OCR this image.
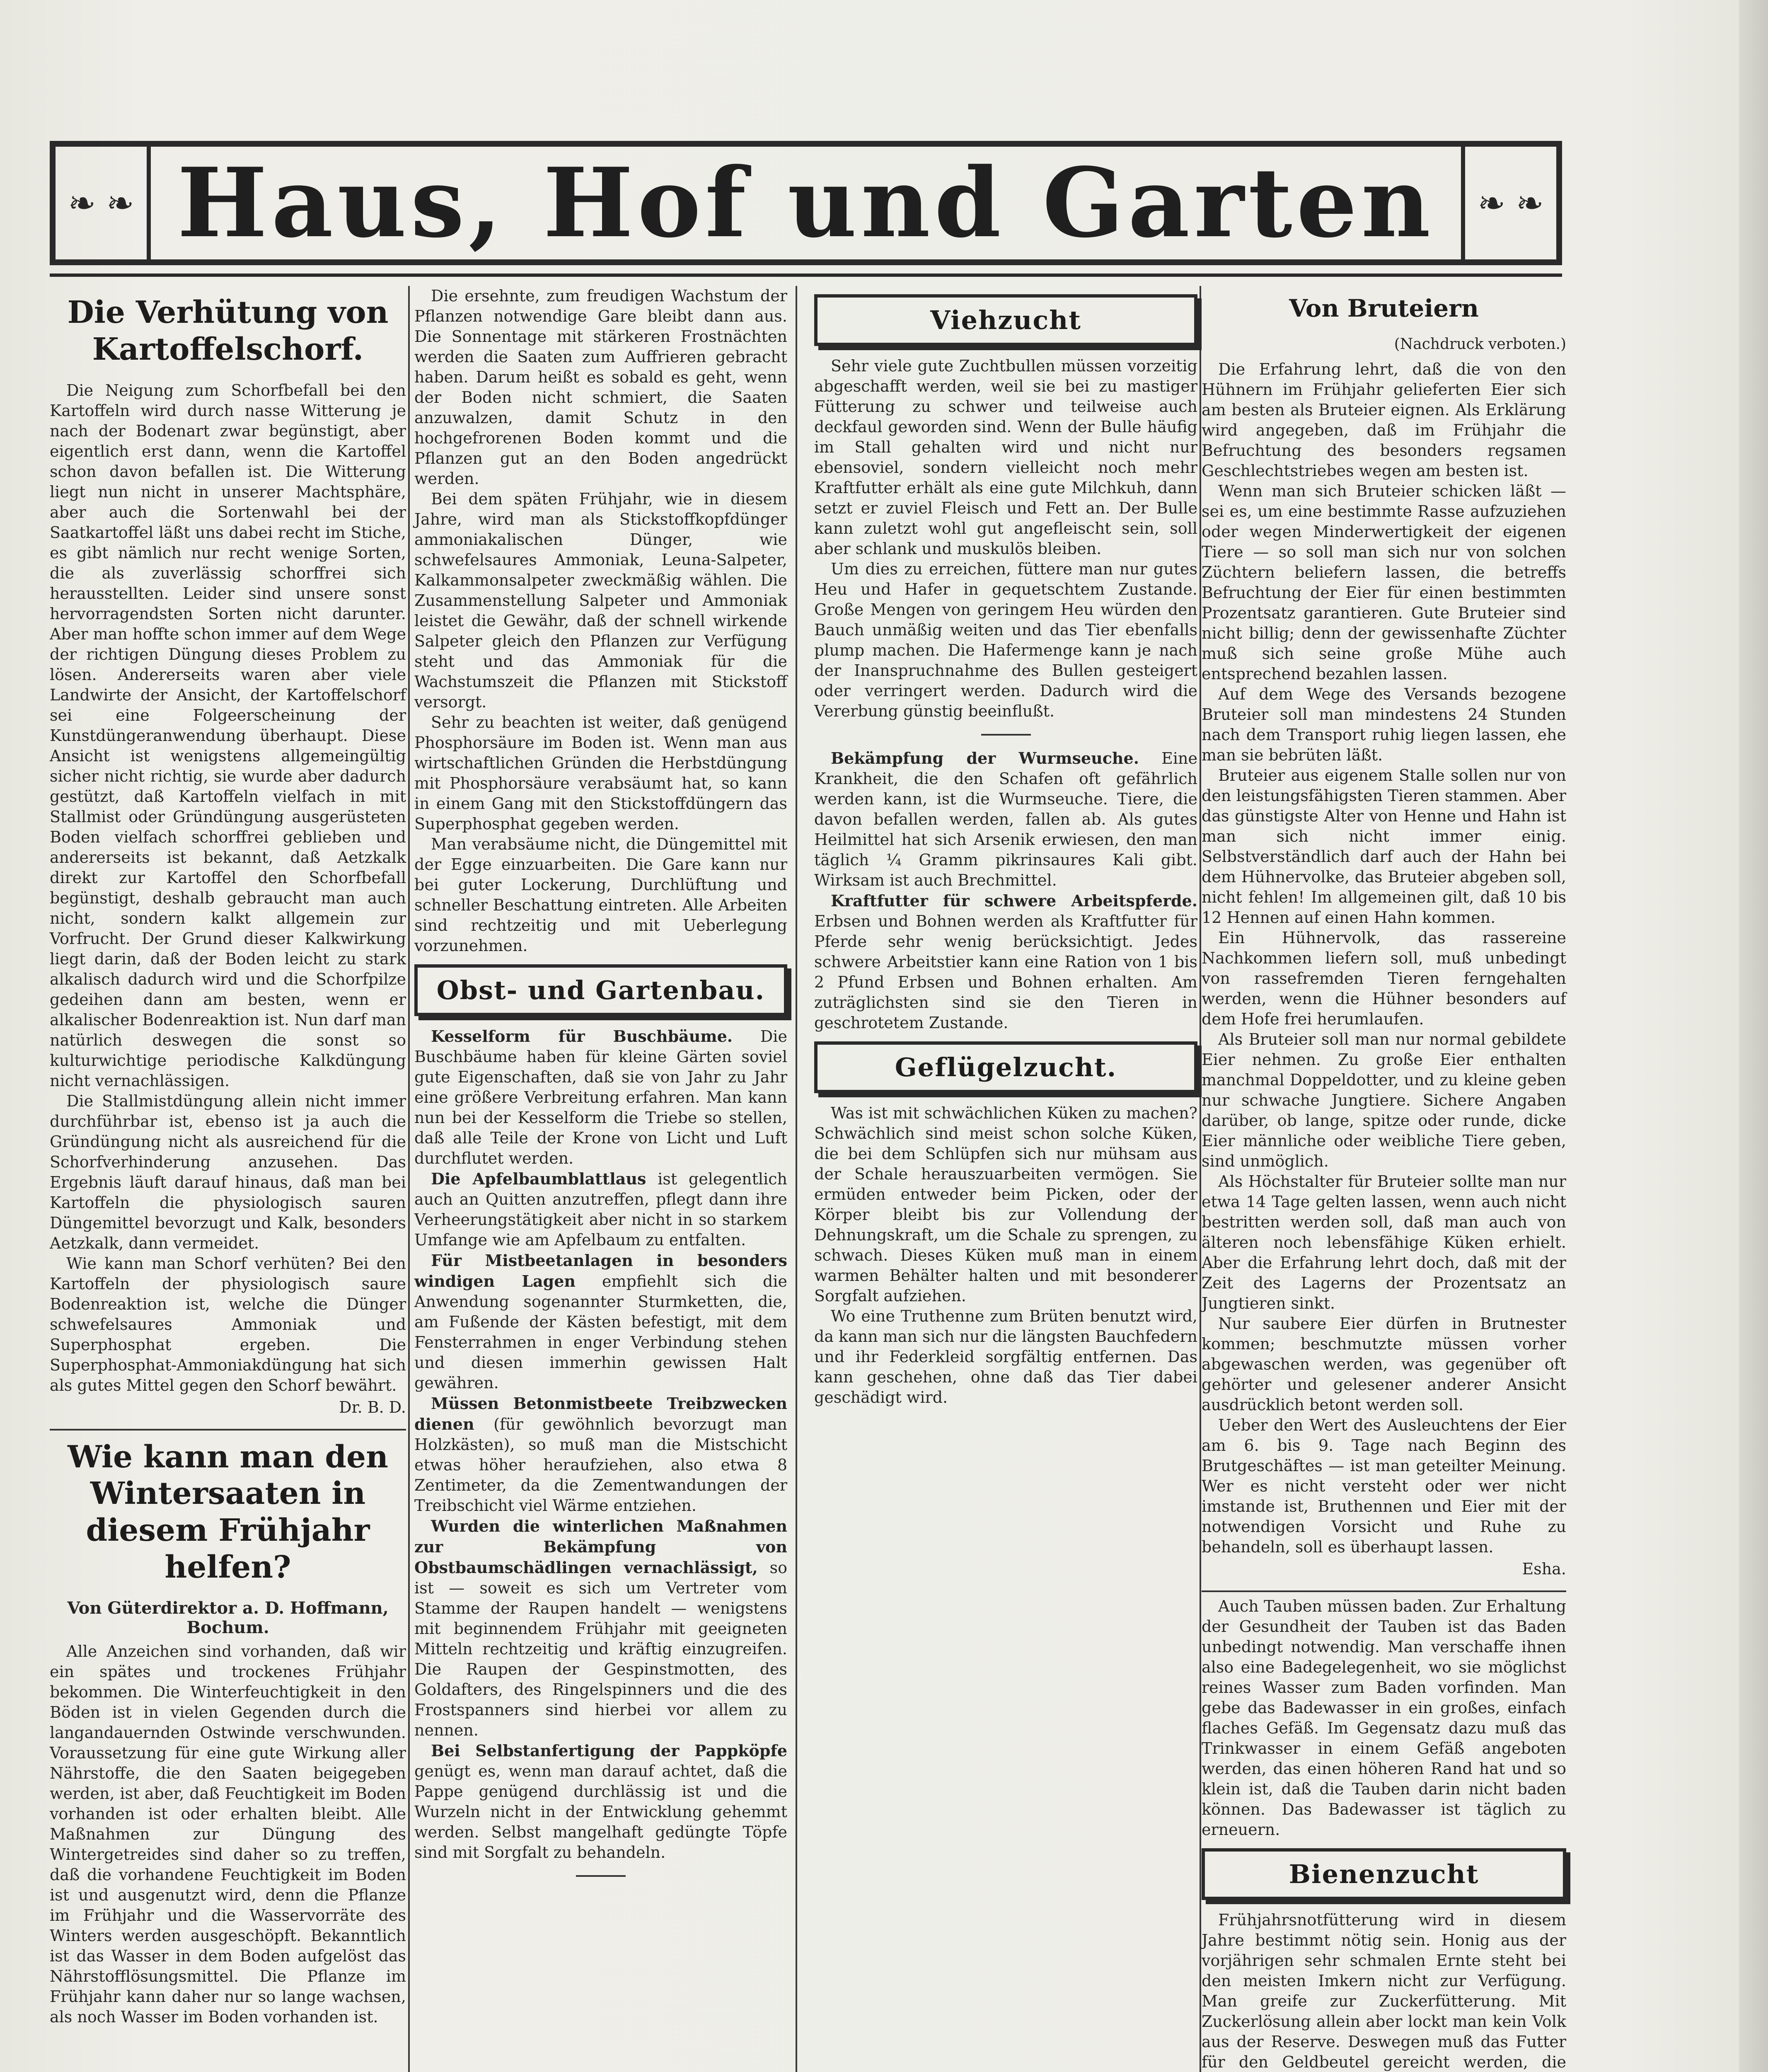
❧ ❧ Haus, Hof und Garten	❧ ❧
Die Verhütung von Kartoffelschorf.

Die Neigung zum Schorfbefall bei den Kartoffeln wird durch nasse Witterung je nach der Bodenart zwar begünstigt, aber eigentlich erst dann, wenn die Kartoffel schon davon befallen ist. Die Witterung liegt nun nicht in unserer Machtsphäre, aber auch die Sortenwahl bei der Saatkartoffel läßt uns dabei recht im Stiche, es gibt nämlich nur recht wenige Sorten, die als zuverlässig schorffrei sich herausstellten. Leider sind unsere sonst hervorragendsten Sorten nicht darunter. Aber man hoffte schon immer auf dem Wege der richtigen Düngung dieses Problem zu lösen. Andererseits waren aber viele Landwirte der Ansicht, der Kartoffelschorf sei eine Folgeerscheinung der Kunstdüngeranwendung überhaupt. Diese Ansicht ist wenigstens allgemeingültig sicher nicht richtig, sie wurde aber dadurch gestützt, daß Kartoffeln vielfach in mit Stallmist oder Gründüngung ausgerüsteten Boden vielfach schorffrei geblieben und andererseits ist bekannt, daß Aetzkalk direkt zur Kartoffel den Schorfbefall begünstigt, deshalb gebraucht man auch nicht, sondern kalkt allgemein zur Vorfrucht. Der Grund dieser Kalkwirkung liegt darin, daß der Boden leicht zu stark alkalisch dadurch wird und die Schorfpilze gedeihen dann am besten, wenn er alkalischer Bodenreaktion ist. Nun darf man natürlich deswegen die sonst so kulturwichtige periodische Kalkdüngung nicht vernachlässigen.

Die Stallmistdüngung allein nicht immer durchführbar ist, ebenso ist ja auch die Gründüngung nicht als ausreichend für die Schorfverhinderung anzusehen. Das Ergebnis läuft darauf hinaus, daß man bei Kartoffeln die physiologisch sauren Düngemittel bevorzugt und Kalk, besonders Aetzkalk, dann vermeidet.

Wie kann man Schorf verhüten? Bei den Kartoffeln der physiologisch saure Bodenreaktion ist, welche die Dünger schwefelsaures Ammoniak und Superphosphat ergeben. Die Superphosphat-Ammoniakdüngung hat sich als gutes Mittel gegen den Schorf bewährt.

Dr. B. D.
Wie kann man den Wintersaaten in diesem Frühjahr helfen?
Von Güterdirektor a. D. Hoffmann, Bochum.

Alle Anzeichen sind vorhanden, daß wir ein spätes und trockenes Frühjahr bekommen. Die Winterfeuchtigkeit in den Böden ist in vielen Gegenden durch die langandauernden Ostwinde verschwunden. Voraussetzung für eine gute Wirkung aller Nährstoffe, die den Saaten beigegeben werden, ist aber, daß Feuchtigkeit im Boden vorhanden ist oder erhalten bleibt. Alle Maßnahmen zur Düngung des Wintergetreides sind daher so zu treffen, daß die vorhandene Feuchtigkeit im Boden ist und ausgenutzt wird, denn die Pflanze im Frühjahr und die Wasservorräte des Winters werden ausgeschöpft. Bekanntlich ist das Wasser in dem Boden aufgelöst das Nährstofflösungsmittel. Die Pflanze im Frühjahr kann daher nur so lange wachsen, als noch Wasser im Boden vorhanden ist.

Die ersehnte, zum freudigen Wachstum der Pflanzen notwendige Gare bleibt dann aus. Die Sonnentage mit stärkeren Frostnächten werden die Saaten zum Auffrieren gebracht haben. Darum heißt es sobald es geht, wenn der Boden nicht schmiert, die Saaten anzuwalzen, damit Schutz in den hochgefrorenen Boden kommt und die Pflanzen gut an den Boden angedrückt werden.

Bei dem späten Frühjahr, wie in diesem Jahre, wird man als Stickstoffkopfdünger ammoniakalischen Dünger, wie schwefelsaures Ammoniak, Leuna-Salpeter, Kalkammonsalpeter zweckmäßig wählen. Die Zusammenstellung Salpeter und Ammoniak leistet die Gewähr, daß der schnell wirkende Salpeter gleich den Pflanzen zur Verfügung steht und das Ammoniak für die Wachstumszeit die Pflanzen mit Stickstoff versorgt.

Sehr zu beachten ist weiter, daß genügend Phosphorsäure im Boden ist. Wenn man aus wirtschaftlichen Gründen die Herbstdüngung mit Phosphorsäure verabsäumt hat, so kann in einem Gang mit den Stickstoffdüngern das Superphosphat gegeben werden.

Man verabsäume nicht, die Düngemittel mit der Egge einzuarbeiten. Die Gare kann nur bei guter Lockerung, Durchlüftung und schneller Beschattung eintreten. Alle Arbeiten sind rechtzeitig und mit Ueberlegung vorzunehmen.

Obst- und Gartenbau.

Kesselform für Buschbäume. Die Buschbäume haben für kleine Gärten soviel gute Eigenschaften, daß sie von Jahr zu Jahr eine größere Verbreitung erfahren. Man kann nun bei der Kesselform die Triebe so stellen, daß alle Teile der Krone von Licht und Luft durchflutet werden.

Die Apfelbaumblattlaus ist gelegentlich auch an Quitten anzutreffen, pflegt dann ihre Verheerungstätigkeit aber nicht in so starkem Umfange wie am Apfelbaum zu entfalten.

Für Mistbeetanlagen in besonders windigen Lagen empfiehlt sich die Anwendung sogenannter Sturmketten, die, am Fußende der Kästen befestigt, mit dem Fensterrahmen in enger Verbindung stehen und diesen immerhin gewissen Halt gewähren.

Müssen Betonmistbeete Treibzwecken dienen (für gewöhnlich bevorzugt man Holzkästen), so muß man die Mistschicht etwas höher heraufziehen, also etwa 8 Zentimeter, da die Zementwandungen der Treibschicht viel Wärme entziehen.

Wurden die winterlichen Maßnahmen zur Bekämpfung von Obstbaumschädlingen vernachlässigt, so ist — soweit es sich um Vertreter vom Stamme der Raupen handelt — wenigstens mit beginnendem Frühjahr mit geeigneten Mitteln rechtzeitig und kräftig einzugreifen. Die Raupen der Gespinstmotten, des Goldafters, des Ringelspinners und die des Frostspanners sind hierbei vor allem zu nennen.

Bei Selbstanfertigung der Pappköpfe genügt es, wenn man darauf achtet, daß die Pappe genügend durchlässig ist und die Wurzeln nicht in der Entwicklung gehemmt werden. Selbst mangelhaft gedüngte Töpfe sind mit Sorgfalt zu behandeln.

Viehzucht

Sehr viele gute Zuchtbullen müssen vorzeitig abgeschafft werden, weil sie bei zu mastiger Fütterung zu schwer und teilweise auch deckfaul geworden sind. Wenn der Bulle häufig im Stall gehalten wird und nicht nur ebensoviel, sondern vielleicht noch mehr Kraftfutter erhält als eine gute Milchkuh, dann setzt er zuviel Fleisch und Fett an. Der Bulle kann zuletzt wohl gut angefleischt sein, soll aber schlank und muskulös bleiben.

Um dies zu erreichen, füttere man nur gutes Heu und Hafer in gequetschtem Zustande. Große Mengen von geringem Heu würden den Bauch unmäßig weiten und das Tier ebenfalls plump machen. Die Hafermenge kann je nach der Inanspruchnahme des Bullen gesteigert oder verringert werden. Dadurch wird die Vererbung günstig beeinflußt.

Bekämpfung der Wurmseuche. Eine Krankheit, die den Schafen oft gefährlich werden kann, ist die Wurmseuche. Tiere, die davon befallen werden, fallen ab. Als gutes Heilmittel hat sich Arsenik erwiesen, den man täglich ¼ Gramm pikrinsaures Kali gibt. Wirksam ist auch Brechmittel.

Kraftfutter für schwere Arbeitspferde. Erbsen und Bohnen werden als Kraftfutter für Pferde sehr wenig berücksichtigt. Jedes schwere Arbeitstier kann eine Ration von 1 bis 2 Pfund Erbsen und Bohnen erhalten. Am zuträglichsten sind sie den Tieren in geschrotetem Zustande.

Geflügelzucht.

Was ist mit schwächlichen Küken zu machen? Schwächlich sind meist schon solche Küken, die bei dem Schlüpfen sich nur mühsam aus der Schale herauszuarbeiten vermögen. Sie ermüden entweder beim Picken, oder der Körper bleibt bis zur Vollendung der Dehnungskraft, um die Schale zu sprengen, zu schwach. Dieses Küken muß man in einem warmen Behälter halten und mit besonderer Sorgfalt aufziehen.

Wo eine Truthenne zum Brüten benutzt wird, da kann man sich nur die längsten Bauchfedern und ihr Federkleid sorgfältig entfernen. Das kann geschehen, ohne daß das Tier dabei geschädigt wird.

Von Bruteiern
(Nachdruck verboten.)

Die Erfahrung lehrt, daß die von den Hühnern im Frühjahr gelieferten Eier sich am besten als Bruteier eignen. Als Erklärung wird angegeben, daß im Frühjahr die Befruchtung des besonders regsamen Geschlechtstriebes wegen am besten ist.

Wenn man sich Bruteier schicken läßt — sei es, um eine bestimmte Rasse aufzuziehen oder wegen Minderwertigkeit der eigenen Tiere — so soll man sich nur von solchen Züchtern beliefern lassen, die betreffs Befruchtung der Eier für einen bestimmten Prozentsatz garantieren. Gute Bruteier sind nicht billig; denn der gewissenhafte Züchter muß sich seine große Mühe auch entsprechend bezahlen lassen.

Auf dem Wege des Versands bezogene Bruteier soll man mindestens 24 Stunden nach dem Transport ruhig liegen lassen, ehe man sie bebrüten läßt.

Bruteier aus eigenem Stalle sollen nur von den leistungsfähigsten Tieren stammen. Aber das günstigste Alter von Henne und Hahn ist man sich nicht immer einig. Selbstverständlich darf auch der Hahn bei dem Hühnervolke, das Bruteier abgeben soll, nicht fehlen! Im allgemeinen gilt, daß 10 bis 12 Hennen auf einen Hahn kommen.

Ein Hühnervolk, das rassereine Nachkommen liefern soll, muß unbedingt von rassefremden Tieren ferngehalten werden, wenn die Hühner besonders auf dem Hofe frei herumlaufen.

Als Bruteier soll man nur normal gebildete Eier nehmen. Zu große Eier enthalten manchmal Doppeldotter, und zu kleine geben nur schwache Jungtiere. Sichere Angaben darüber, ob lange, spitze oder runde, dicke Eier männliche oder weibliche Tiere geben, sind unmöglich.

Als Höchstalter für Bruteier sollte man nur etwa 14 Tage gelten lassen, wenn auch nicht bestritten werden soll, daß man auch von älteren noch lebensfähige Küken erhielt. Aber die Erfahrung lehrt doch, daß mit der Zeit des Lagerns der Prozentsatz an Jungtieren sinkt.

Nur saubere Eier dürfen in Brutnester kommen; beschmutzte müssen vorher abgewaschen werden, was gegenüber oft gehörter und gelesener anderer Ansicht ausdrücklich betont werden soll.

Ueber den Wert des Ausleuchtens der Eier am 6. bis 9. Tage nach Beginn des Brutgeschäftes — ist man geteilter Meinung. Wer es nicht versteht oder wer nicht imstande ist, Bruthennen und Eier mit der notwendigen Vorsicht und Ruhe zu behandeln, soll es überhaupt lassen.

Esha.

Auch Tauben müssen baden. Zur Erhaltung der Gesundheit der Tauben ist das Baden unbedingt notwendig. Man verschaffe ihnen also eine Badegelegenheit, wo sie möglichst reines Wasser zum Baden vorfinden. Man gebe das Badewasser in ein großes, einfach flaches Gefäß. Im Gegensatz dazu muß das Trinkwasser in einem Gefäß angeboten werden, das einen höheren Rand hat und so klein ist, daß die Tauben darin nicht baden können. Das Badewasser ist täglich zu erneuern.

Bienenzucht

Frühjahrsnotfütterung wird in diesem Jahre bestimmt nötig sein. Honig aus der vorjährigen sehr schmalen Ernte steht bei den meisten Imkern nicht zur Verfügung. Man greife zur Zuckerfütterung. Mit Zuckerlösung allein aber lockt man kein Volk aus der Reserve. Deswegen muß das Futter für den Geldbeutel gereicht werden, die
